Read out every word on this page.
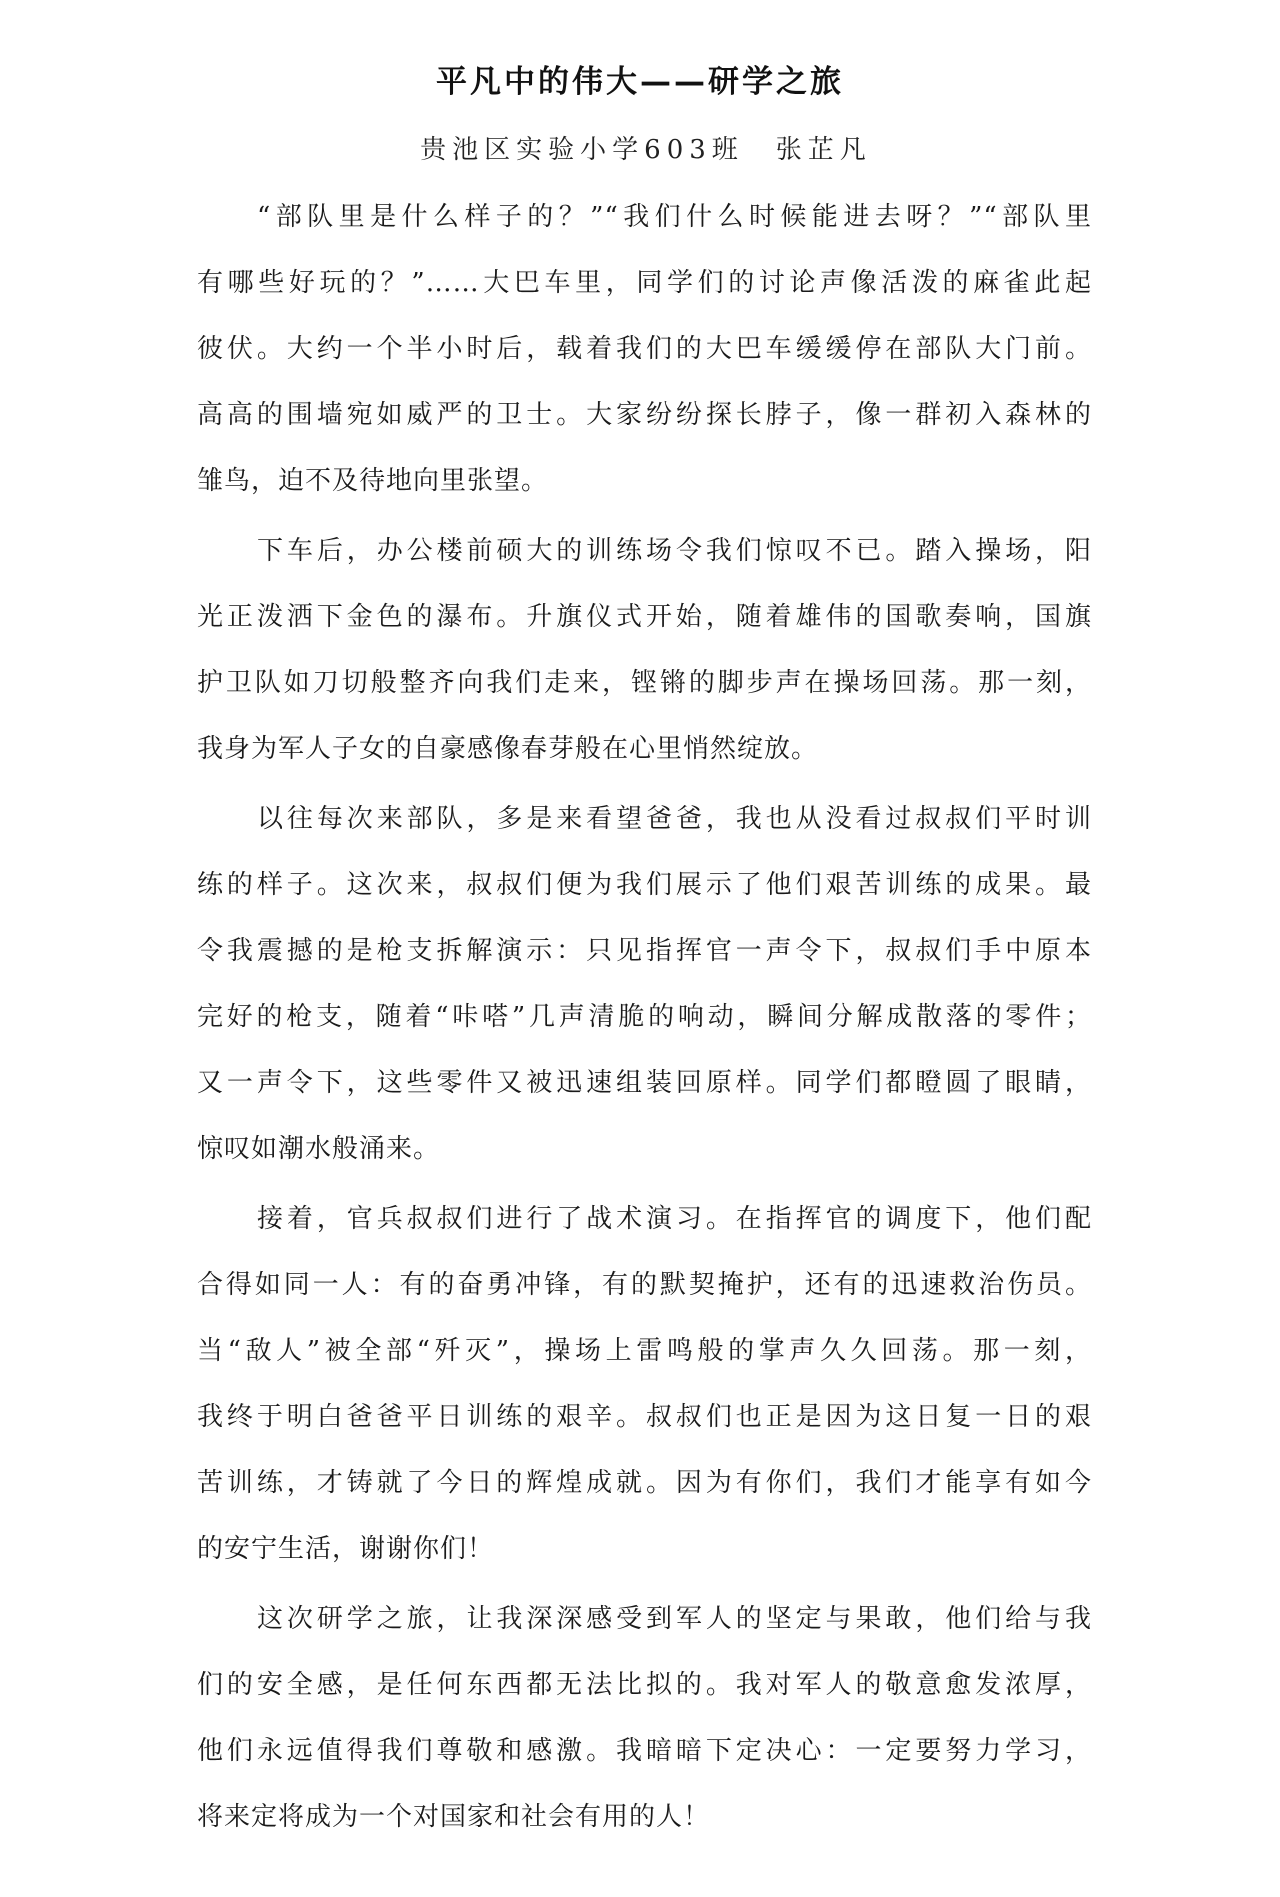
平凡中的伟大——研学之旅
贵池区实验小学603班　张芷凡
“部队里是什么样子的？”“我们什么时候能进去呀？”“部队里
有哪些好玩的？”……大巴车里，同学们的讨论声像活泼的麻雀此起
彼伏。大约一个半小时后，载着我们的大巴车缓缓停在部队大门前。
高高的围墙宛如威严的卫士。大家纷纷探长脖子，像一群初入森林的
雏鸟，迫不及待地向里张望。
下车后，办公楼前硕大的训练场令我们惊叹不已。踏入操场，阳
光正泼洒下金色的瀑布。升旗仪式开始，随着雄伟的国歌奏响，国旗
护卫队如刀切般整齐向我们走来，铿锵的脚步声在操场回荡。那一刻，
我身为军人子女的自豪感像春芽般在心里悄然绽放。
以往每次来部队，多是来看望爸爸，我也从没看过叔叔们平时训
练的样子。这次来，叔叔们便为我们展示了他们艰苦训练的成果。最
令我震撼的是枪支拆解演示：只见指挥官一声令下，叔叔们手中原本
完好的枪支，随着“咔嗒”几声清脆的响动，瞬间分解成散落的零件；
又一声令下，这些零件又被迅速组装回原样。同学们都瞪圆了眼睛，
惊叹如潮水般涌来。
接着，官兵叔叔们进行了战术演习。在指挥官的调度下，他们配
合得如同一人：有的奋勇冲锋，有的默契掩护，还有的迅速救治伤员。
当“敌人”被全部“歼灭”，操场上雷鸣般的掌声久久回荡。那一刻，
我终于明白爸爸平日训练的艰辛。叔叔们也正是因为这日复一日的艰
苦训练，才铸就了今日的辉煌成就。因为有你们，我们才能享有如今
的安宁生活，谢谢你们！
这次研学之旅，让我深深感受到军人的坚定与果敢，他们给与我
们的安全感，是任何东西都无法比拟的。我对军人的敬意愈发浓厚，
他们永远值得我们尊敬和感激。我暗暗下定决心：一定要努力学习，
将来定将成为一个对国家和社会有用的人！
